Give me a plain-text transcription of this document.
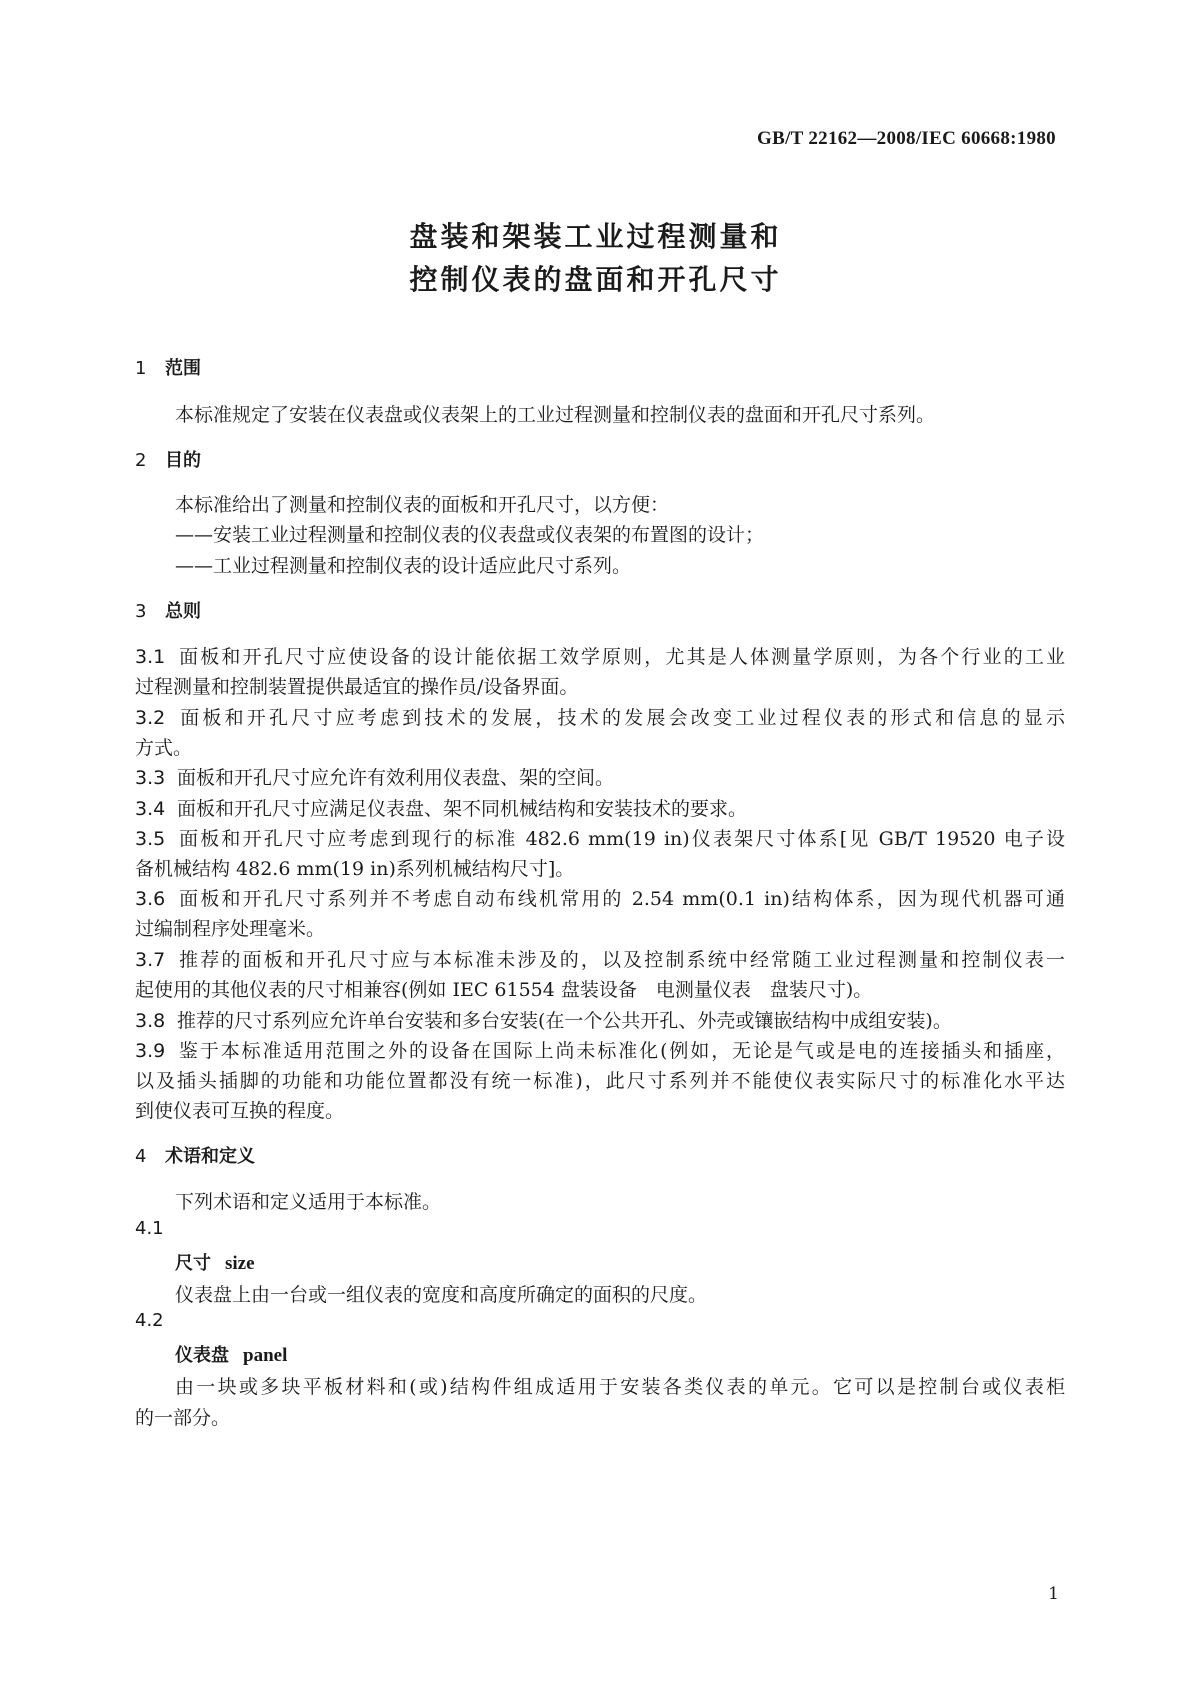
GB/T 22162—2008/IEC 60668:1980
盘装和架装工业过程测量和
控制仪表的盘面和开孔尺寸
1 范围
本标准规定了安装在仪表盘或仪表架上的工业过程测量和控制仪表的盘面和开孔尺寸系列。
2 目的
本标准给出了测量和控制仪表的面板和开孔尺寸，以方便：
——安装工业过程测量和控制仪表的仪表盘或仪表架的布置图的设计；
——工业过程测量和控制仪表的设计适应此尺寸系列。
3 总则
3.1 面板和开孔尺寸应使设备的设计能依据工效学原则，尤其是人体测量学原则，为各个行业的工业
过程测量和控制装置提供最适宜的操作员/设备界面。
3.2 面板和开孔尺寸应考虑到技术的发展，技术的发展会改变工业过程仪表的形式和信息的显示
方式。
3.3 面板和开孔尺寸应允许有效利用仪表盘、架的空间。
3.4 面板和开孔尺寸应满足仪表盘、架不同机械结构和安装技术的要求。
3.5 面板和开孔尺寸应考虑到现行的标准 482.6 mm(19 in)仪表架尺寸体系[见 GB/T 19520 电子设
备机械结构 482.6 mm(19 in)系列机械结构尺寸]。
3.6 面板和开孔尺寸系列并不考虑自动布线机常用的 2.54 mm(0.1 in)结构体系，因为现代机器可通
过编制程序处理毫米。
3.7 推荐的面板和开孔尺寸应与本标准未涉及的，以及控制系统中经常随工业过程测量和控制仪表一
起使用的其他仪表的尺寸相兼容(例如 IEC 61554 盘装设备　电测量仪表　盘装尺寸)。
3.8 推荐的尺寸系列应允许单台安装和多台安装(在一个公共开孔、外壳或镶嵌结构中成组安装)。
3.9 鉴于本标准适用范围之外的设备在国际上尚未标准化(例如，无论是气或是电的连接插头和插座，
以及插头插脚的功能和功能位置都没有统一标准)，此尺寸系列并不能使仪表实际尺寸的标准化水平达
到使仪表可互换的程度。
4 术语和定义
下列术语和定义适用于本标准。
4.1
尺寸 size
仪表盘上由一台或一组仪表的宽度和高度所确定的面积的尺度。
4.2
仪表盘 panel
由一块或多块平板材料和(或)结构件组成适用于安装各类仪表的单元。它可以是控制台或仪表柜
的一部分。
1
